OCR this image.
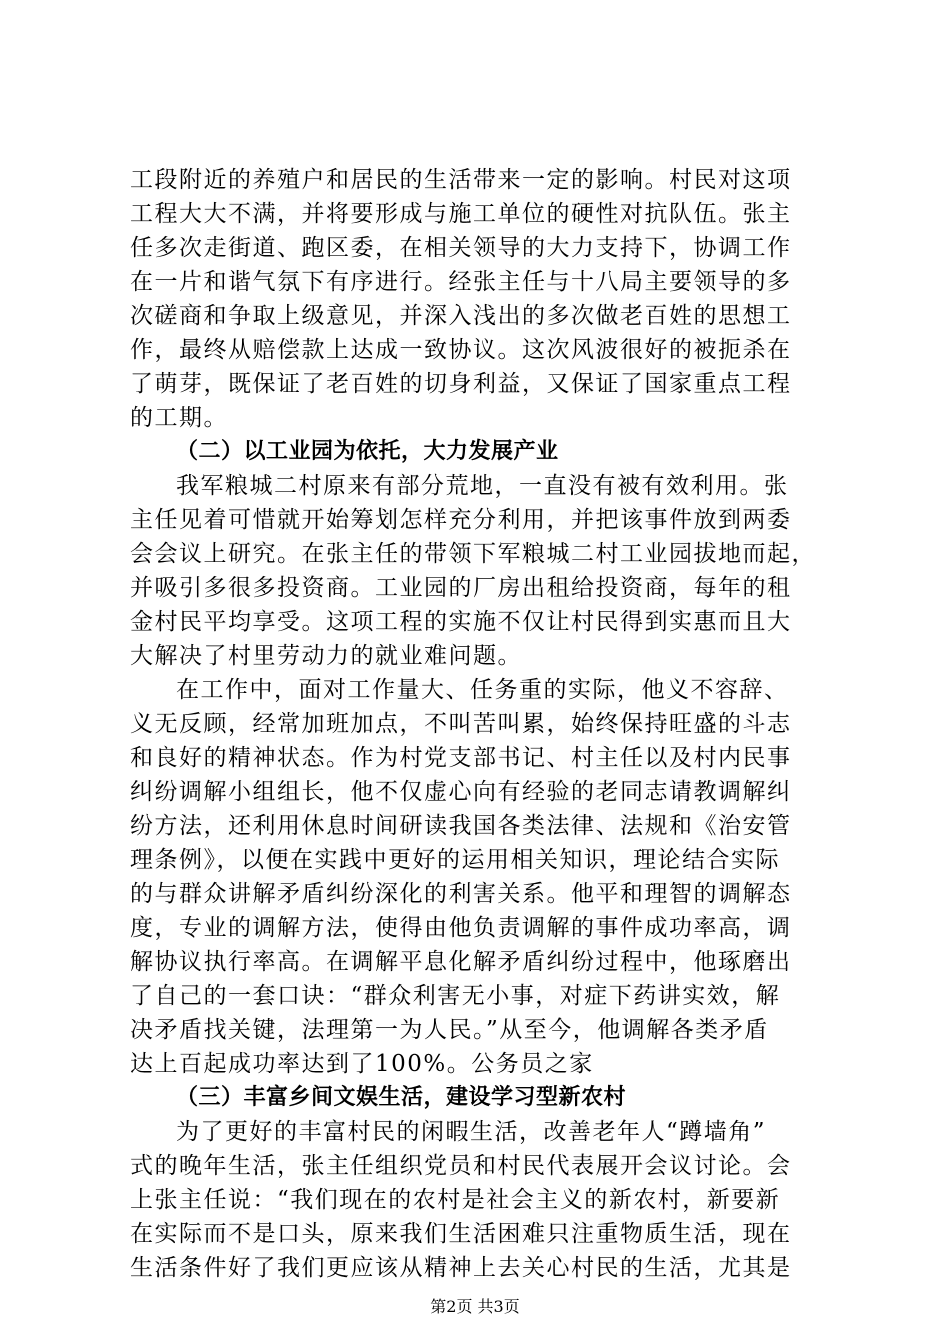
工段附近的养殖户和居民的生活带来一定的影响。村民对这项
工程大大不满，并将要形成与施工单位的硬性对抗队伍。张主
任多次走街道、跑区委，在相关领导的大力支持下，协调工作
在一片和谐气氛下有序进行。经张主任与十八局主要领导的多
次磋商和争取上级意见，并深入浅出的多次做老百姓的思想工
作，最终从赔偿款上达成一致协议。这次风波很好的被扼杀在
了萌芽，既保证了老百姓的切身利益，又保证了国家重点工程
的工期。
（二）以工业园为依托，大力发展产业
我军粮城二村原来有部分荒地，一直没有被有效利用。张
主任见着可惜就开始筹划怎样充分利用，并把该事件放到两委
会会议上研究。在张主任的带领下军粮城二村工业园拔地而起，
并吸引多很多投资商。工业园的厂房出租给投资商，每年的租
金村民平均享受。这项工程的实施不仅让村民得到实惠而且大
大解决了村里劳动力的就业难问题。
在工作中，面对工作量大、任务重的实际，他义不容辞、
义无反顾，经常加班加点，不叫苦叫累，始终保持旺盛的斗志
和良好的精神状态。作为村党支部书记、村主任以及村内民事
纠纷调解小组组长，他不仅虚心向有经验的老同志请教调解纠
纷方法，还利用休息时间研读我国各类法律、法规和《治安管
理条例》，以便在实践中更好的运用相关知识，理论结合实际
的与群众讲解矛盾纠纷深化的利害关系。他平和理智的调解态
度，专业的调解方法，使得由他负责调解的事件成功率高，调
解协议执行率高。在调解平息化解矛盾纠纷过程中，他琢磨出
了自己的一套口诀：“群众利害无小事，对症下药讲实效，解
决矛盾找关键，法理第一为人民。”从至今，他调解各类矛盾
达上百起成功率达到了100%。公务员之家
（三）丰富乡间文娱生活，建设学习型新农村
为了更好的丰富村民的闲暇生活，改善老年人“蹲墙角”
式的晚年生活，张主任组织党员和村民代表展开会议讨论。会
上张主任说：“我们现在的农村是社会主义的新农村，新要新
在实际而不是口头，原来我们生活困难只注重物质生活，现在
生活条件好了我们更应该从精神上去关心村民的生活，尤其是
第2页 共3页
